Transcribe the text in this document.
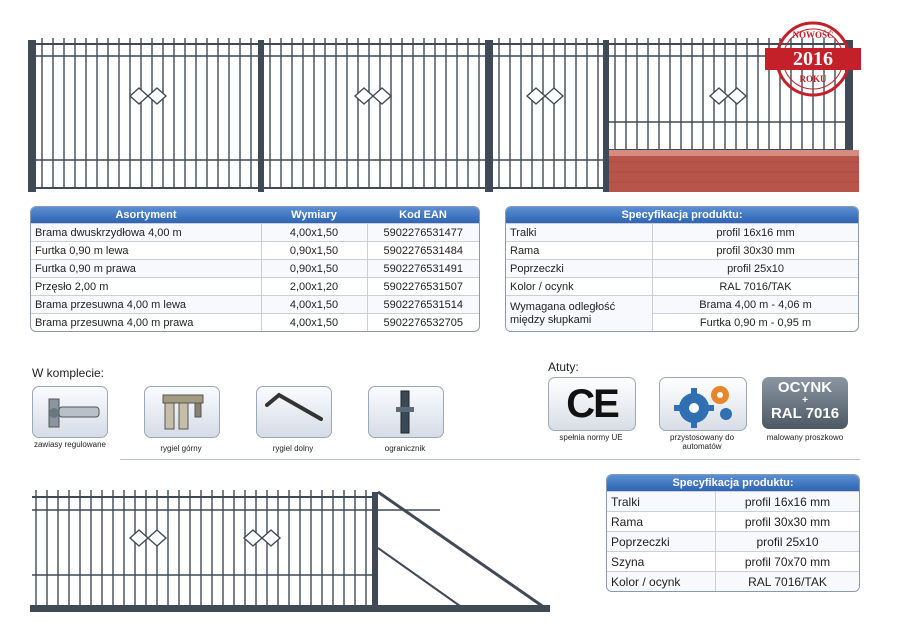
NOWOŚĆ
2016
ROKU
Asortyment	Wymiary	Kod EAN
Brama dwuskrzydłowa 4,00 m	4,00x1,50	5902276531477
Furtka 0,90 m lewa	0,90x1,50	5902276531484
Furtka 0,90 m prawa	0,90x1,50	5902276531491
Przęsło 2,00 m	2,00x1,20	5902276531507
Brama przesuwna 4,00 m lewa	4,00x1,50	5902276531514
Brama przesuwna 4,00 m prawa	4,00x1,50	5902276532705
Specyfikacja produktu:	
Tralki	profil 16x16 mm
Rama	profil 30x30 mm
Poprzeczki	profil 25x10
Kolor / ocynk	RAL 7016/TAK

Wymagana odległość
między słupkami	Brama 4,00 m - 4,06 m
	Furtka 0,90 m - 0,95 m
W komplecie:
zawiasy regulowane	rygiel górny	rygiel dolny	ogranicznik
Atuty:
CE
spełnia normy UE	przystosowany do
automatów
OCYNK
+
RAL 7016
malowany proszkowo
Specyfikacja produktu:	
Tralki	profil 16x16 mm
Rama	profil 30x30 mm
Poprzeczki	profil 25x10
Szyna	profil 70x70 mm
Kolor / ocynk	RAL 7016/TAK
